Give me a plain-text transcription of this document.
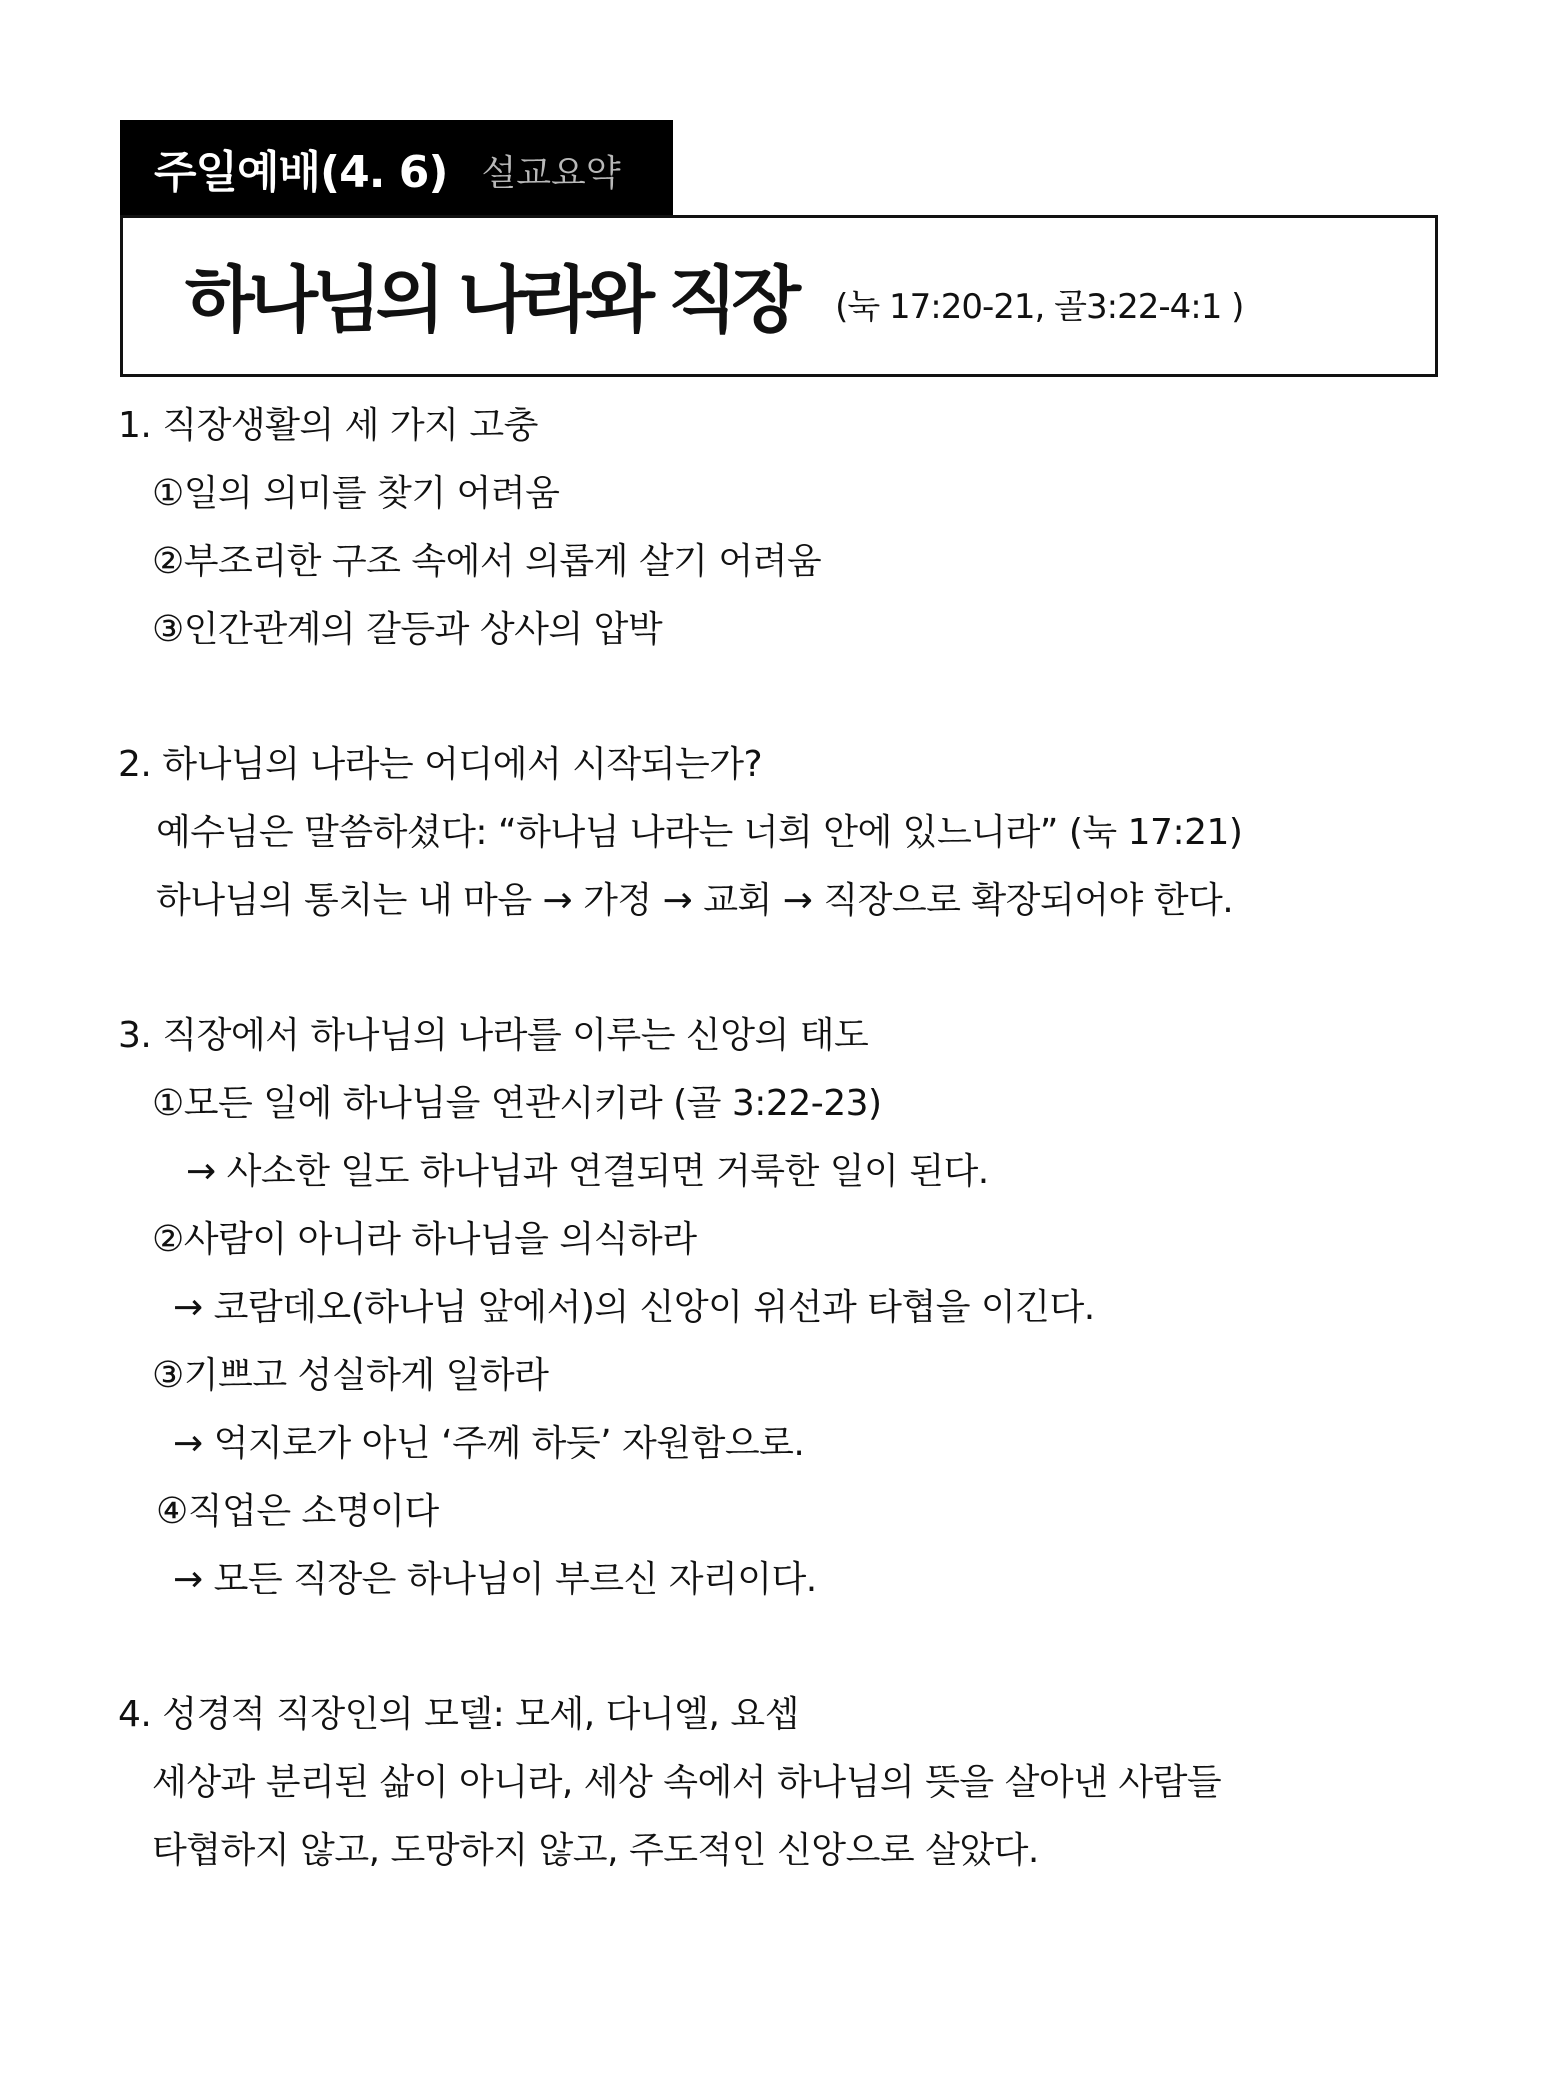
주일예배(4. 6) 설교요약
하나님의 나라와 직장 (눅 17:20-21, 골3:22-4:1 )
1. 직장생활의 세 가지 고충
①일의 의미를 찾기 어려움
②부조리한 구조 속에서 의롭게 살기 어려움
③인간관계의 갈등과 상사의 압박
2. 하나님의 나라는 어디에서 시작되는가?
예수님은 말씀하셨다: “하나님 나라는 너희 안에 있느니라” (눅 17:21)
하나님의 통치는 내 마음 → 가정 → 교회 → 직장으로 확장되어야 한다.
3. 직장에서 하나님의 나라를 이루는 신앙의 태도
①모든 일에 하나님을 연관시키라 (골 3:22-23)
→ 사소한 일도 하나님과 연결되면 거룩한 일이 된다.
②사람이 아니라 하나님을 의식하라
→ 코람데오(하나님 앞에서)의 신앙이 위선과 타협을 이긴다.
③기쁘고 성실하게 일하라
→ 억지로가 아닌 ‘주께 하듯’ 자원함으로.
④직업은 소명이다
→ 모든 직장은 하나님이 부르신 자리이다.
4. 성경적 직장인의 모델: 모세, 다니엘, 요셉
세상과 분리된 삶이 아니라, 세상 속에서 하나님의 뜻을 살아낸 사람들
타협하지 않고, 도망하지 않고, 주도적인 신앙으로 살았다.
